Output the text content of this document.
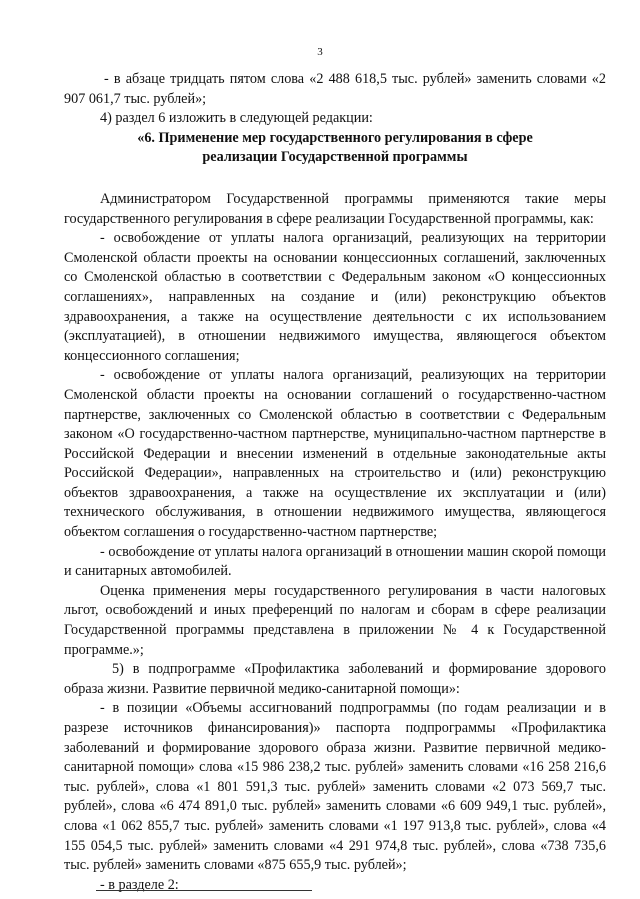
3

- в абзаце тридцать пятом слова «2 488 618,5 тыс. рублей» заменить словами «2 907 061,7 тыс. рублей»;

4) раздел 6 изложить в следующей редакции:

«6. Применение мер государственного регулирования в сфере
реализации Государственной программы

Администратором Государственной программы применяются такие меры государственного регулирования в сфере реализации Государственной программы, как:

- освобождение от уплаты налога организаций, реализующих на территории Смоленской области проекты на основании концессионных соглашений, заключенных со Смоленской областью в соответствии с Федеральным законом «О концессионных соглашениях», направленных на создание и (или) реконструкцию объектов здравоохранения, а также на осуществление деятельности с их использованием (эксплуатацией), в отношении недвижимого имущества, являющегося объектом концессионного соглашения;

- освобождение от уплаты налога организаций, реализующих на территории Смоленской области проекты на основании соглашений о государственно-частном партнерстве, заключенных со Смоленской областью в соответствии с Федеральным законом «О государственно-частном партнерстве, муниципально-частном партнерстве в Российской Федерации и внесении изменений в отдельные законодательные акты Российской Федерации», направленных на строительство и (или) реконструкцию объектов здравоохранения, а также на осуществление их эксплуатации и (или) технического обслуживания, в отношении недвижимого имущества, являющегося объектом соглашения о государственно-частном партнерстве;

- освобождение от уплаты налога организаций в отношении машин скорой помощи и санитарных автомобилей.

Оценка применения меры государственного регулирования в части налоговых льгот, освобождений и иных преференций по налогам и сборам в сфере реализации Государственной программы представлена в приложении № 4 к Государственной программе.»;

5) в подпрограмме «Профилактика заболеваний и формирование здорового образа жизни. Развитие первичной медико-санитарной помощи»:

- в позиции «Объемы ассигнований подпрограммы (по годам реализации и в разрезе источников финансирования)» паспорта подпрограммы «Профилактика заболеваний и формирование здорового образа жизни. Развитие первичной медико-санитарной помощи» слова «15 986 238,2 тыс. рублей» заменить словами «16 258 216,6 тыс. рублей», слова «1 801 591,3 тыс. рублей» заменить словами «2 073 569,7 тыс. рублей», слова «6 474 891,0 тыс. рублей» заменить словами «6 609 949,1 тыс. рублей», слова «1 062 855,7 тыс. рублей» заменить словами «1 197 913,8 тыс. рублей», слова «4 155 054,5 тыс. рублей» заменить словами «4 291 974,8 тыс. рублей», слова «738 735,6 тыс. рублей» заменить словами «875 655,9 тыс. рублей»;

- в разделе 2:
